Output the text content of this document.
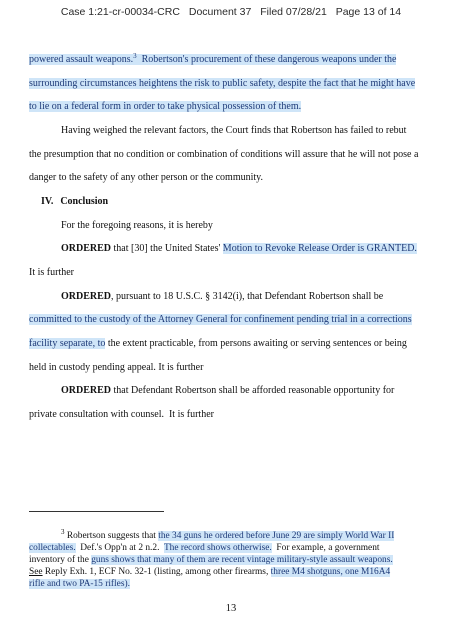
Case 1:21-cr-00034-CRC Document 37 Filed 07/28/21 Page 13 of 14
powered assault weapons.$^3$  Robertson's procurement of these dangerous weapons under the
surrounding circumstances heightens the risk to public safety, despite the fact that he might have
to lie on a federal form in order to take physical possession of them.
Having weighed the relevant factors, the Court finds that Robertson has failed to rebut
the presumption that no condition or combination of conditions will assure that he will not pose a
danger to the safety of any other person or the community.
IV. Conclusion
For the foregoing reasons, it is hereby
ORDERED that [30] the United States' Motion to Revoke Release Order is GRANTED.
It is further
ORDERED, pursuant to 18 U.S.C. § 3142(i), that Defendant Robertson shall be
committed to the custody of the Attorney General for confinement pending trial in a corrections
facility separate, to the extent practicable, from persons awaiting or serving sentences or being
held in custody pending appeal. It is further
ORDERED that Defendant Robertson shall be afforded reasonable opportunity for
private consultation with counsel.  It is further
$^3$ Robertson suggests that the 34 guns he ordered before June 29 are simply World War II
collectables.  Def.'s Opp'n at 2 n.2.  The record shows otherwise.  For example, a government
inventory of the guns shows that many of them are recent vintage military-style assault weapons.
See Reply Exh. 1, ECF No. 32-1 (listing, among other firearms, three M4 shotguns, one M16A4
rifle and two PA-15 rifles).
13
